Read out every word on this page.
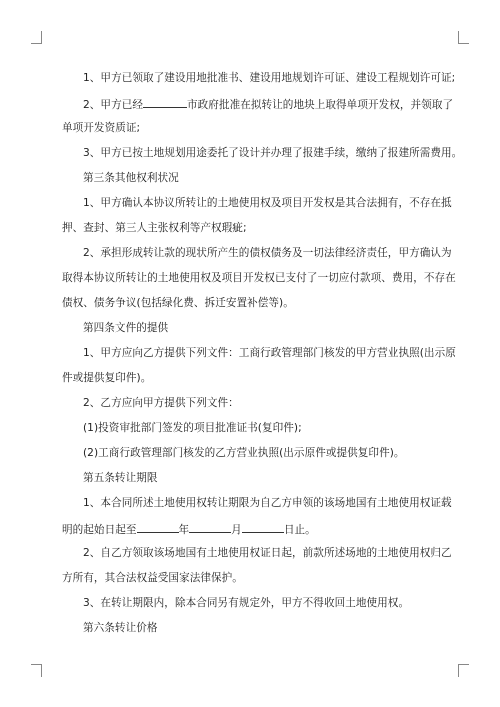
1、甲方已领取了建设用地批准书、建设用地规划许可证、建设工程规划许可证;
2、甲方已经	市政府批准在拟转让的地块上取得单项开发权，并领取了
单项开发资质证;
3、甲方已按土地规划用途委托了设计并办理了报建手续，缴纳了报建所需费用。
第三条其他权利状况
1、甲方确认本协议所转让的土地使用权及项目开发权是其合法拥有，不存在抵
押、查封、第三人主张权利等产权瑕疵;
2、承担形成转让款的现状所产生的债权债务及一切法律经济责任，甲方确认为
取得本协议所转让的土地使用权及项目开发权已支付了一切应付款项、费用，不存在
债权、债务争议(包括绿化费、拆迁安置补偿等)。
第四条文件的提供
1、甲方应向乙方提供下列文件：工商行政管理部门核发的甲方营业执照(出示原
件或提供复印件)。
2、乙方应向甲方提供下列文件：
(1)投资审批部门签发的项目批准证书(复印件);
(2)工商行政管理部门核发的乙方营业执照(出示原件或提供复印件)。
第五条转让期限
1、本合同所述土地使用权转让期限为自乙方申领的该场地国有土地使用权证载
明的起始日起至	年	月	日止。
2、自乙方领取该场地国有土地使用权证日起，前款所述场地的土地使用权归乙
方所有，其合法权益受国家法律保护。
3、在转让期限内，除本合同另有规定外，甲方不得收回土地使用权。
第六条转让价格
